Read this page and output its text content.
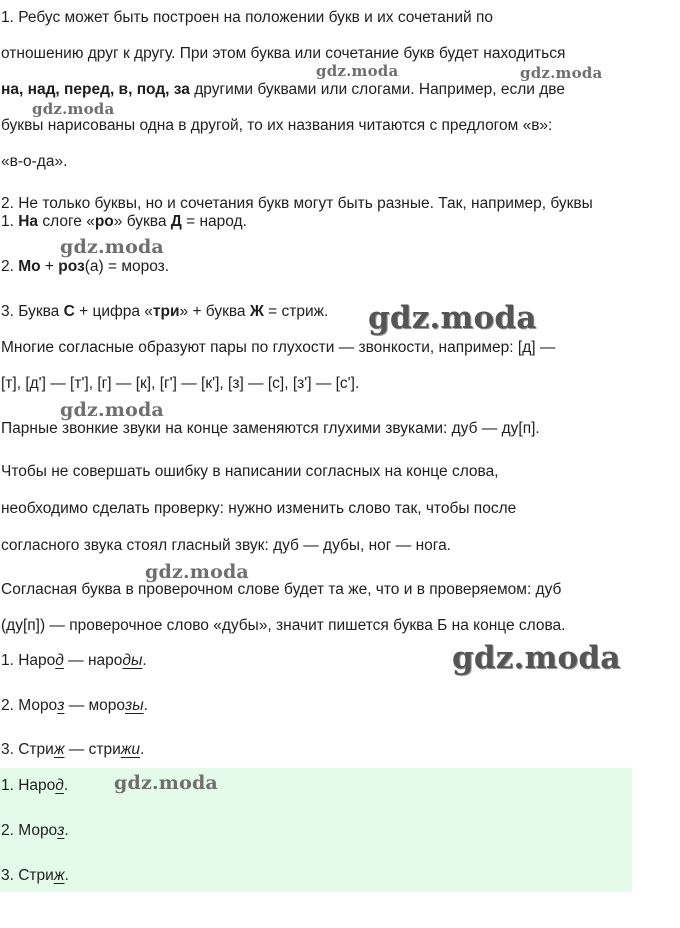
1. Ребус может быть построен на положении букв и их сочетаний по
отношению друг к другу. При этом буква или сочетание букв будет находиться
на, над, перед, в, под, за другими буквами или слогами. Например, если две
буквы нарисованы одна в другой, то их названия читаются с предлогом «в»:
«в-о-да».
2. Не только буквы, но и сочетания букв могут быть разные. Так, например, буквы
1. На слоге «ро» буква Д = народ.
2. Мо + роз(а) = мороз.
3. Буква С + цифра «три» + буква Ж = стриж.
Многие согласные образуют пары по глухости — звонкости, например: [д] —
[т], [д'] — [т'], [г] — [к], [г'] — [к'], [з] — [с], [з'] — [с'].
Парные звонкие звуки на конце заменяются глухими звуками: дуб — ду[п].
Чтобы не совершать ошибку в написании согласных на конце слова,
необходимо сделать проверку: нужно изменить слово так, чтобы после
согласного звука стоял гласный звук: дуб — дубы, ног — нога.
Согласная буква в проверочном слове будет та же, что и в проверяемом: дуб
(ду[п]) — проверочное слово «дубы», значит пишется буква Б на конце слова.
1. Народ — народы.
2. Мороз — морозы.
3. Стриж — стрижи.
1. Народ.
2. Мороз.
3. Стриж.
gdz.moda	gdz.moda
gdz.moda
gdz.moda
gdz.moda
gdz.moda
gdz.moda
gdz.moda
gdz.moda
